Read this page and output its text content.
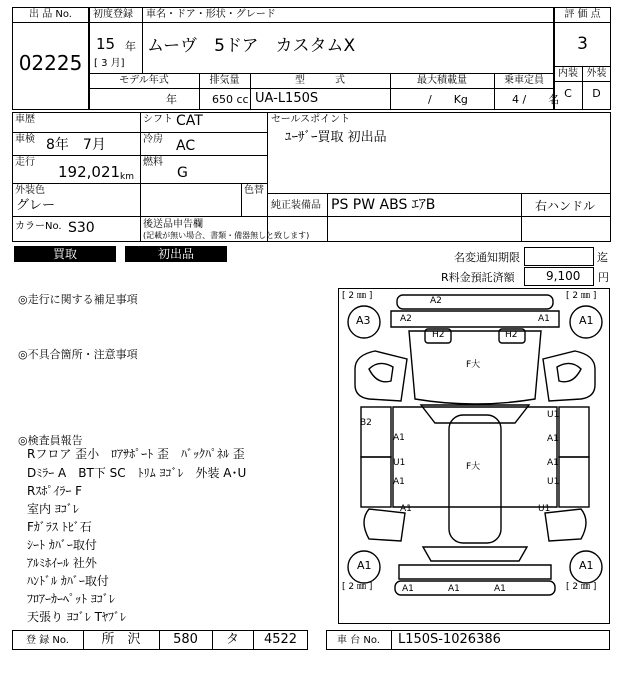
出 品 No.
02225
初度登録 車名・ドア・形状・グレード
15 年
[ 3 月]
ムーヴ　5ドア　カスタムX
モデル年式	排気量	型　　　式	最大積載量	乗車定員
年	650 cc UA-L150S	/　　Kg	4 /　　名
評 価 点
3
内装 外装
C	D
車歴
車検 8年　7月
走行
192,021 km
シフト CAT
冷房 AC
燃料
G
外装色	色替
グレー
カラーNo. S30	後送品申告欄
(記載が無い場合、書類・備器無しと致します)
セールスポイント
ﾕｰｻﾞｰ買取 初出品
純正装備品 PS PW ABS ｴｱB	右ハンドル
買取	初出品	名変通知期限	迄
R料金預託済額	9,100 円
◎走行に関する補足事項
◎不具合箇所・注意事項
◎検査員報告
Rフロア 歪小　ﾛｱｻﾎﾟｰﾄ 歪　ﾊﾞｯｸﾊﾟﾈﾙ 歪
Dﾐﾗｰ A　BT下 SC　ﾄﾘﾑ ﾖｺﾞﾚ　外装 A･U
Rｽﾎﾟｲﾗｰ F
室内 ﾖｺﾞﾚ
Fｶﾞﾗｽ ﾄﾋﾞ石
ｼｰﾄ ｶﾊﾞｰ取付
ｱﾙﾐﾎｲｰﾙ 社外
ﾊﾝﾄﾞﾙ ｶﾊﾞｰ取付
ﾌﾛｱｰｶｰﾍﾟｯﾄ ﾖｺﾞﾚ
天張り ﾖｺﾞﾚ Tﾔﾌﾞﾚ
[ 2 ㎜ ]	[ 2 ㎜ ]
[ 2 ㎜ ]	[ 2 ㎜ ]
A3	A1
A1	A1
A2
A2	A1
H2	H2
F大
F大
B2
A1
U1
A1
A1
U1
A1
A1
U1
U1
A1	A1	A1
登 録 No.	所　沢	580	タ	4522	車 台 No.	L150S-1026386
